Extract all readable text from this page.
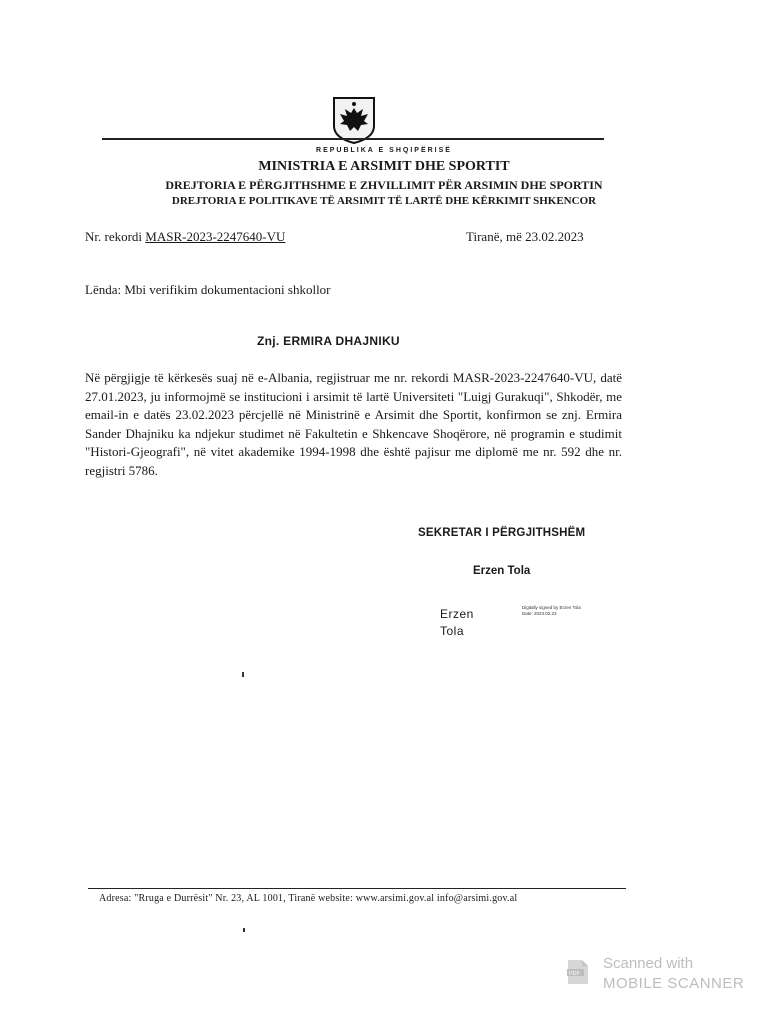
REPUBLIKA E SHQIPËRISË
MINISTRIA E ARSIMIT DHE SPORTIT
DREJTORIA E PËRGJITHSHME E ZHVILLIMIT PËR ARSIMIN DHE SPORTIN
DREJTORIA E POLITIKAVE TË ARSIMIT TË LARTË DHE KËRKIMIT SHKENCOR
Nr. rekordi MASR-2023-2247640-VU	Tiranë, më 23.02.2023
Lënda: Mbi verifikim dokumentacioni shkollor
Znj. ERMIRA DHAJNIKU
Në përgjigje të kërkesës suaj në e-Albania, regjistruar me nr. rekordi MASR-2023-2247640-VU, datë 27.01.2023, ju informojmë se institucioni i arsimit të lartë Universiteti "Luigj Gurakuqi", Shkodër, me email-in e datës 23.02.2023 përcjellë në Ministrinë e Arsimit dhe Sportit, konfirmon se znj. Ermira Sander Dhajniku ka ndjekur studimet në Fakultetin e Shkencave Shoqërore, në programin e studimit "Histori-Gjeografi", në vitet akademike 1994-1998 dhe është pajisur me diplomë me nr. 592 dhe nr. regjistri 5786.
SEKRETAR I PËRGJITHSHËM
Erzen Tola
Erzen
Tola
Digitally signed by Erzen Tola
Date: 2023.02.23
Adresa: "Rruga e Durrësit" Nr. 23, AL 1001, Tiranë website: www.arsimi.gov.al info@arsimi.gov.al
PDF
Scanned with
MOBILE SCANNER
